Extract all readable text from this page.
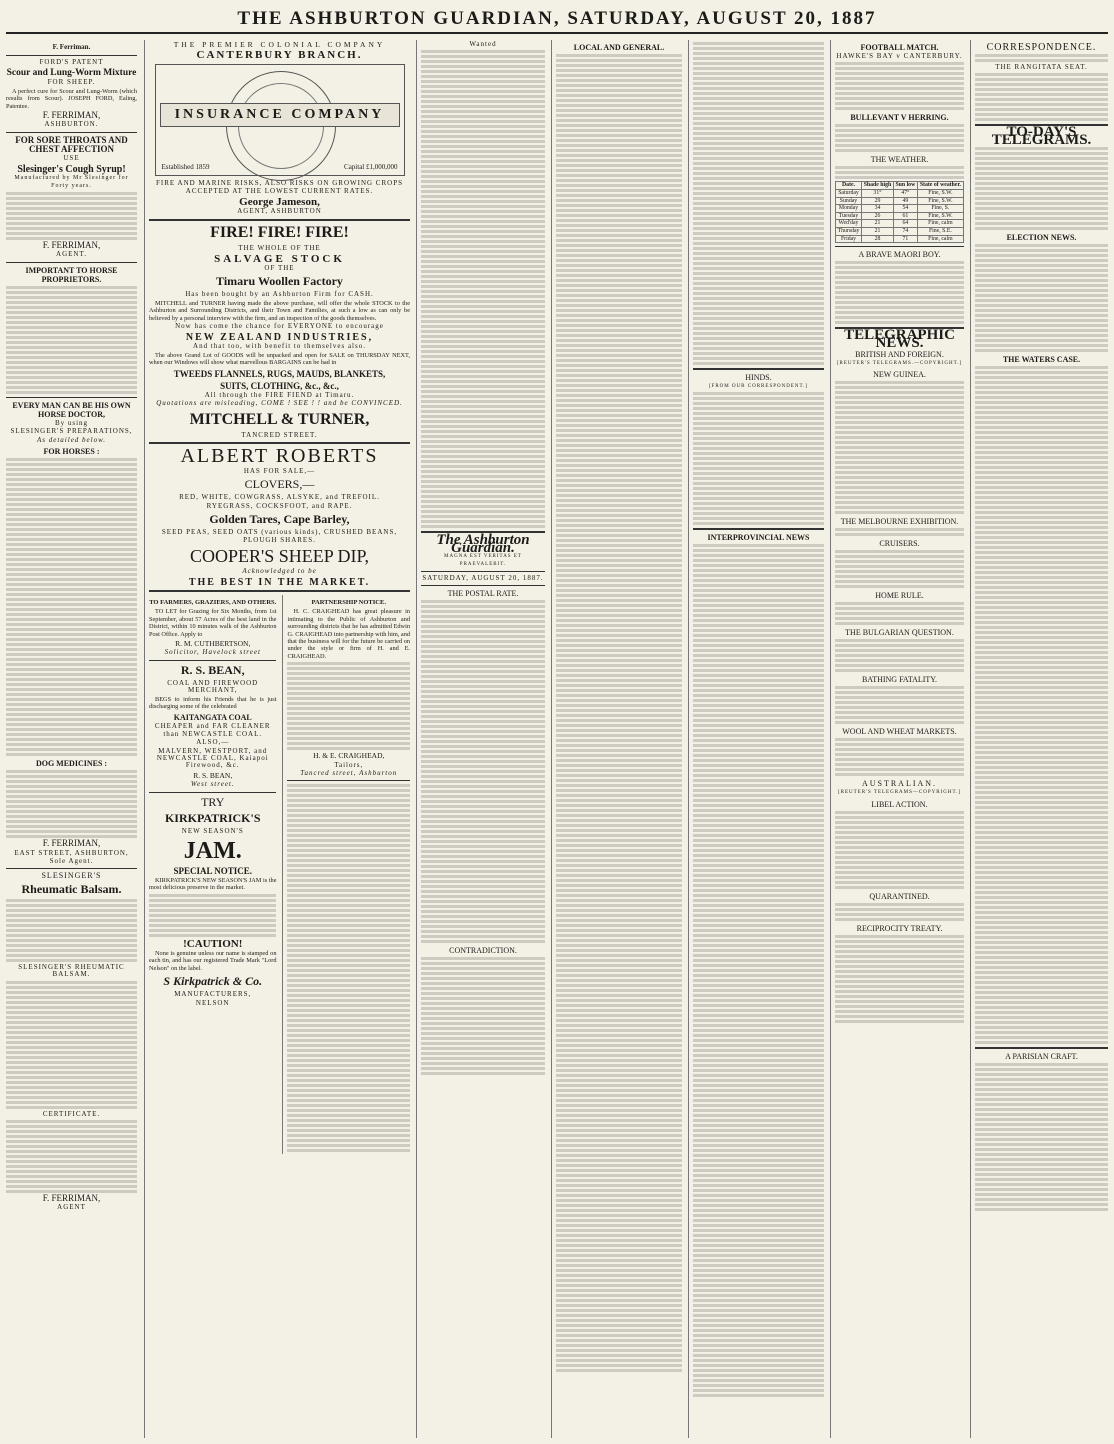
THE ASHBURTON GUARDIAN, SATURDAY, AUGUST 20, 1887
F. Ferriman.
FORD'S PATENT
Scour and Lung-Worm Mixture
FOR SHEEP.
A perfect cure for Scour and Lung-Worm (which results from Scour). JOSEPH FORD, Ealing, Patentee.
F. FERRIMAN,
ASHBURTON.
FOR SORE THROATS AND CHEST AFFECTION
USE
Slesinger's Cough Syrup!
Manufactured by Mr Slesinger for Forty years.
F. FERRIMAN,
AGENT.
IMPORTANT TO HORSE PROPRIETORS.
EVERY MAN CAN BE HIS OWN HORSE DOCTOR,
By using
SLESINGER'S PREPARATIONS,
As detailed below.
FOR HORSES :
DOG MEDICINES :
F. FERRIMAN,
EAST STREET, ASHBURTON,
Sole Agent.
SLESINGER'S
Rheumatic Balsam.
SLESINGER'S RHEUMATIC BALSAM.
CERTIFICATE.
F. FERRIMAN,
AGENT
THE PREMIER COLONIAL COMPANY
CANTERBURY BRANCH.
INSURANCE COMPANY
Established 1859	Capital £1,000,000
FIRE AND MARINE RISKS, ALSO RISKS ON GROWING CROPS ACCEPTED AT THE LOWEST CURRENT RATES.
George Jameson,
AGENT, ASHBURTON
FIRE! FIRE! FIRE!
THE WHOLE OF THE
SALVAGE STOCK
OF THE
Timaru Woollen Factory
Has been bought by an Ashburton Firm for CASH.
MITCHELL and TURNER having made the above purchase, will offer the whole STOCK to the Ashburton and Surrounding Districts, and their Town and Families, at such a low as can only be believed by a personal interview with the firm, and an inspection of the goods themselves.
Now has come the chance for EVERYONE to encourage
NEW ZEALAND INDUSTRIES,
And that too, with benefit to themselves also.
The above Grand Lot of GOODS will be unpacked and open for SALE on THURSDAY NEXT, when our Windows will show what marvellous BARGAINS can be had in
TWEEDS FLANNELS, RUGS, MAUDS, BLANKETS,
SUITS, CLOTHING, &c., &c.,
All through the FIRE FIEND at Timaru.
Quotations are misleading, COME ! SEE ! ! and be CONVINCED.
MITCHELL & TURNER,
TANCRED STREET.
ALBERT ROBERTS
HAS FOR SALE,—
CLOVERS,—
RED, WHITE, COWGRASS, ALSYKE, and TREFOIL.
RYEGRASS, COCKSFOOT, and RAPE.
Golden Tares, Cape Barley,
SEED PEAS, SEED OATS (various kinds), CRUSHED BEANS, PLOUGH SHARES.
COOPER'S SHEEP DIP,
Acknowledged to be
THE BEST IN THE MARKET.
TO FARMERS, GRAZIERS, AND OTHERS.
TO LET for Grazing for Six Months, from 1st September, about 57 Acres of the best land in the District, within 10 minutes walk of the Ashburton Post Office. Apply to
R. M. CUTHBERTSON,
Solicitor, Havelock street
R. S. BEAN,
COAL AND FIREWOOD MERCHANT,
BEGS to inform his Friends that he is just discharging some of the celebrated
KAITANGATA COAL
CHEAPER and FAR CLEANER than NEWCASTLE COAL.
ALSO,—
MALVERN, WESTPORT, and NEWCASTLE COAL, Kaiapoi Firewood, &c.
R. S. BEAN,
West street.
TRY
KIRKPATRICK'S
NEW SEASON'S
JAM.
SPECIAL NOTICE.
KIRKPATRICK'S NEW SEASON'S JAM is the most delicious preserve in the market.
!CAUTION!
None is genuine unless our name is stamped on each tin, and has our registered Trade Mark "Lord Nelson" on the label.
S Kirkpatrick & Co.
MANUFACTURERS,
NELSON
PARTNERSHIP NOTICE.
H. C. CRAIGHEAD has great pleasure in intimating to the Public of Ashburton and surrounding districts that he has admitted Edwin G. CRAIGHEAD into partnership with him, and that the business will for the future be carried on under the style or firm of H. and E. CRAIGHEAD.
H. & E. CRAIGHEAD,
Tailors,
Tancred street, Ashburton
Wanted
The Ashburton Guardian.
MAGNA EST VERITAS ET PRAEVALEBIT.
SATURDAY, AUGUST 20, 1887.
THE POSTAL RATE.
CONTRADICTION.
LOCAL AND GENERAL.
HINDS.
[FROM OUR CORRESPONDENT.]
INTERPROVINCIAL NEWS
FOOTBALL MATCH.
HAWKE'S BAY v CANTERBURY.
BULLEVANT V HERRING.
THE WEATHER.
Date.	Shade high	Sun low	State of weather.
Saturday	31°	47°	Fine, S.W.
Sunday	29	49	Fine, S.W.
Monday	34	54	Fine, S.
Tuesday	26	61	Fine, S.W.
Wed'day	21	64	Fine, calm
Thursday	21	74	Fine, S.E.
Friday	28	71	Fine, calm
A BRAVE MAORI BOY.
TELEGRAPHIC NEWS.
BRITISH AND FOREIGN.
[REUTER'S TELEGRAMS.—COPYRIGHT.]
NEW GUINEA.
THE MELBOURNE EXHIBITION.
CRUISERS.
HOME RULE.
THE BULGARIAN QUESTION.
BATHING FATALITY.
WOOL AND WHEAT MARKETS.
AUSTRALIAN.
[REUTER'S TELEGRAMS—COPYRIGHT.]
LIBEL ACTION.
QUARANTINED.
RECIPROCITY TREATY.
CORRESPONDENCE.
THE RANGITATA SEAT.
TO-DAY'S TELEGRAMS.
ELECTION NEWS.
THE WATERS CASE.
A PARISIAN CRAFT.
